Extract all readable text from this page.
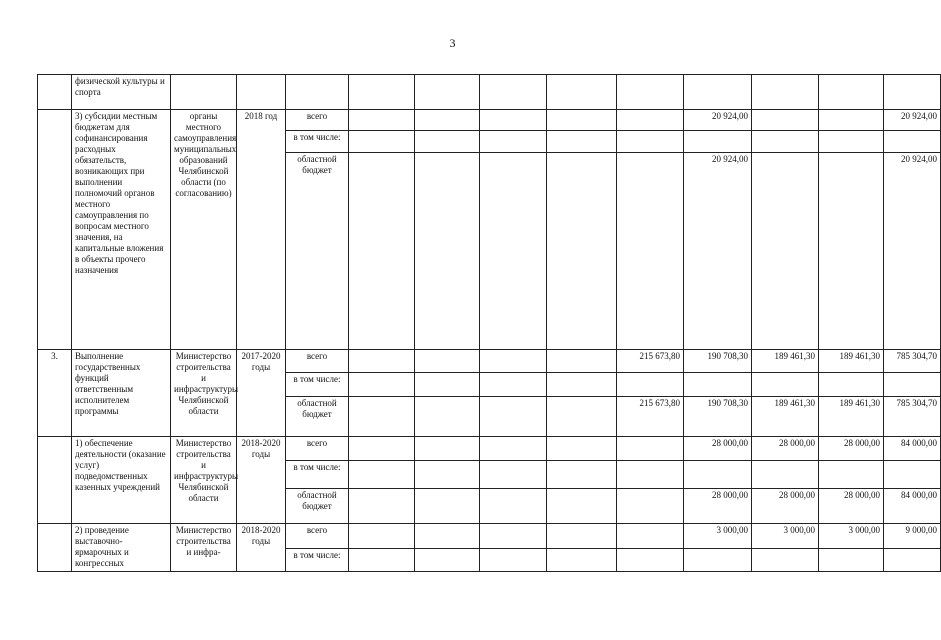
3
	физической культуры и спорта												
	3) субсидии местным бюджетам для софинансирования расходных обязательств, возникающих при выполнении полномочий органов местного самоуправления по вопросам местного значения, на капитальные вложения в объекты прочего назначения	органы местного самоуправления муниципальных образований Челябинской области (по согласованию)	2018 год	всего						20 924,00			20 924,00
				в том числе:									
				областной бюджет						20 924,00			20 924,00
3.	Выполнение государственных функций ответственным исполнителем программы	Министерство строительства и инфраструктуры Челябинской области	2017-2020 годы	всего					215 673,80	190 708,30	189 461,30	189 461,30	785 304,70
				в том числе:									
				областной бюджет					215 673,80	190 708,30	189 461,30	189 461,30	785 304,70
	1) обеспечение деятельности (оказание услуг) подведомственных казенных учреждений	Министерство строительства и инфраструктуры Челябинской области	2018-2020 годы	всего						28 000,00	28 000,00	28 000,00	84 000,00
				в том числе:									
				областной бюджет						28 000,00	28 000,00	28 000,00	84 000,00
	2) проведение выставочно-ярмарочных и конгрессных	Министерство строительства и инфра-	2018-2020 годы	всего						3 000,00	3 000,00	3 000,00	9 000,00
				в том числе:									
